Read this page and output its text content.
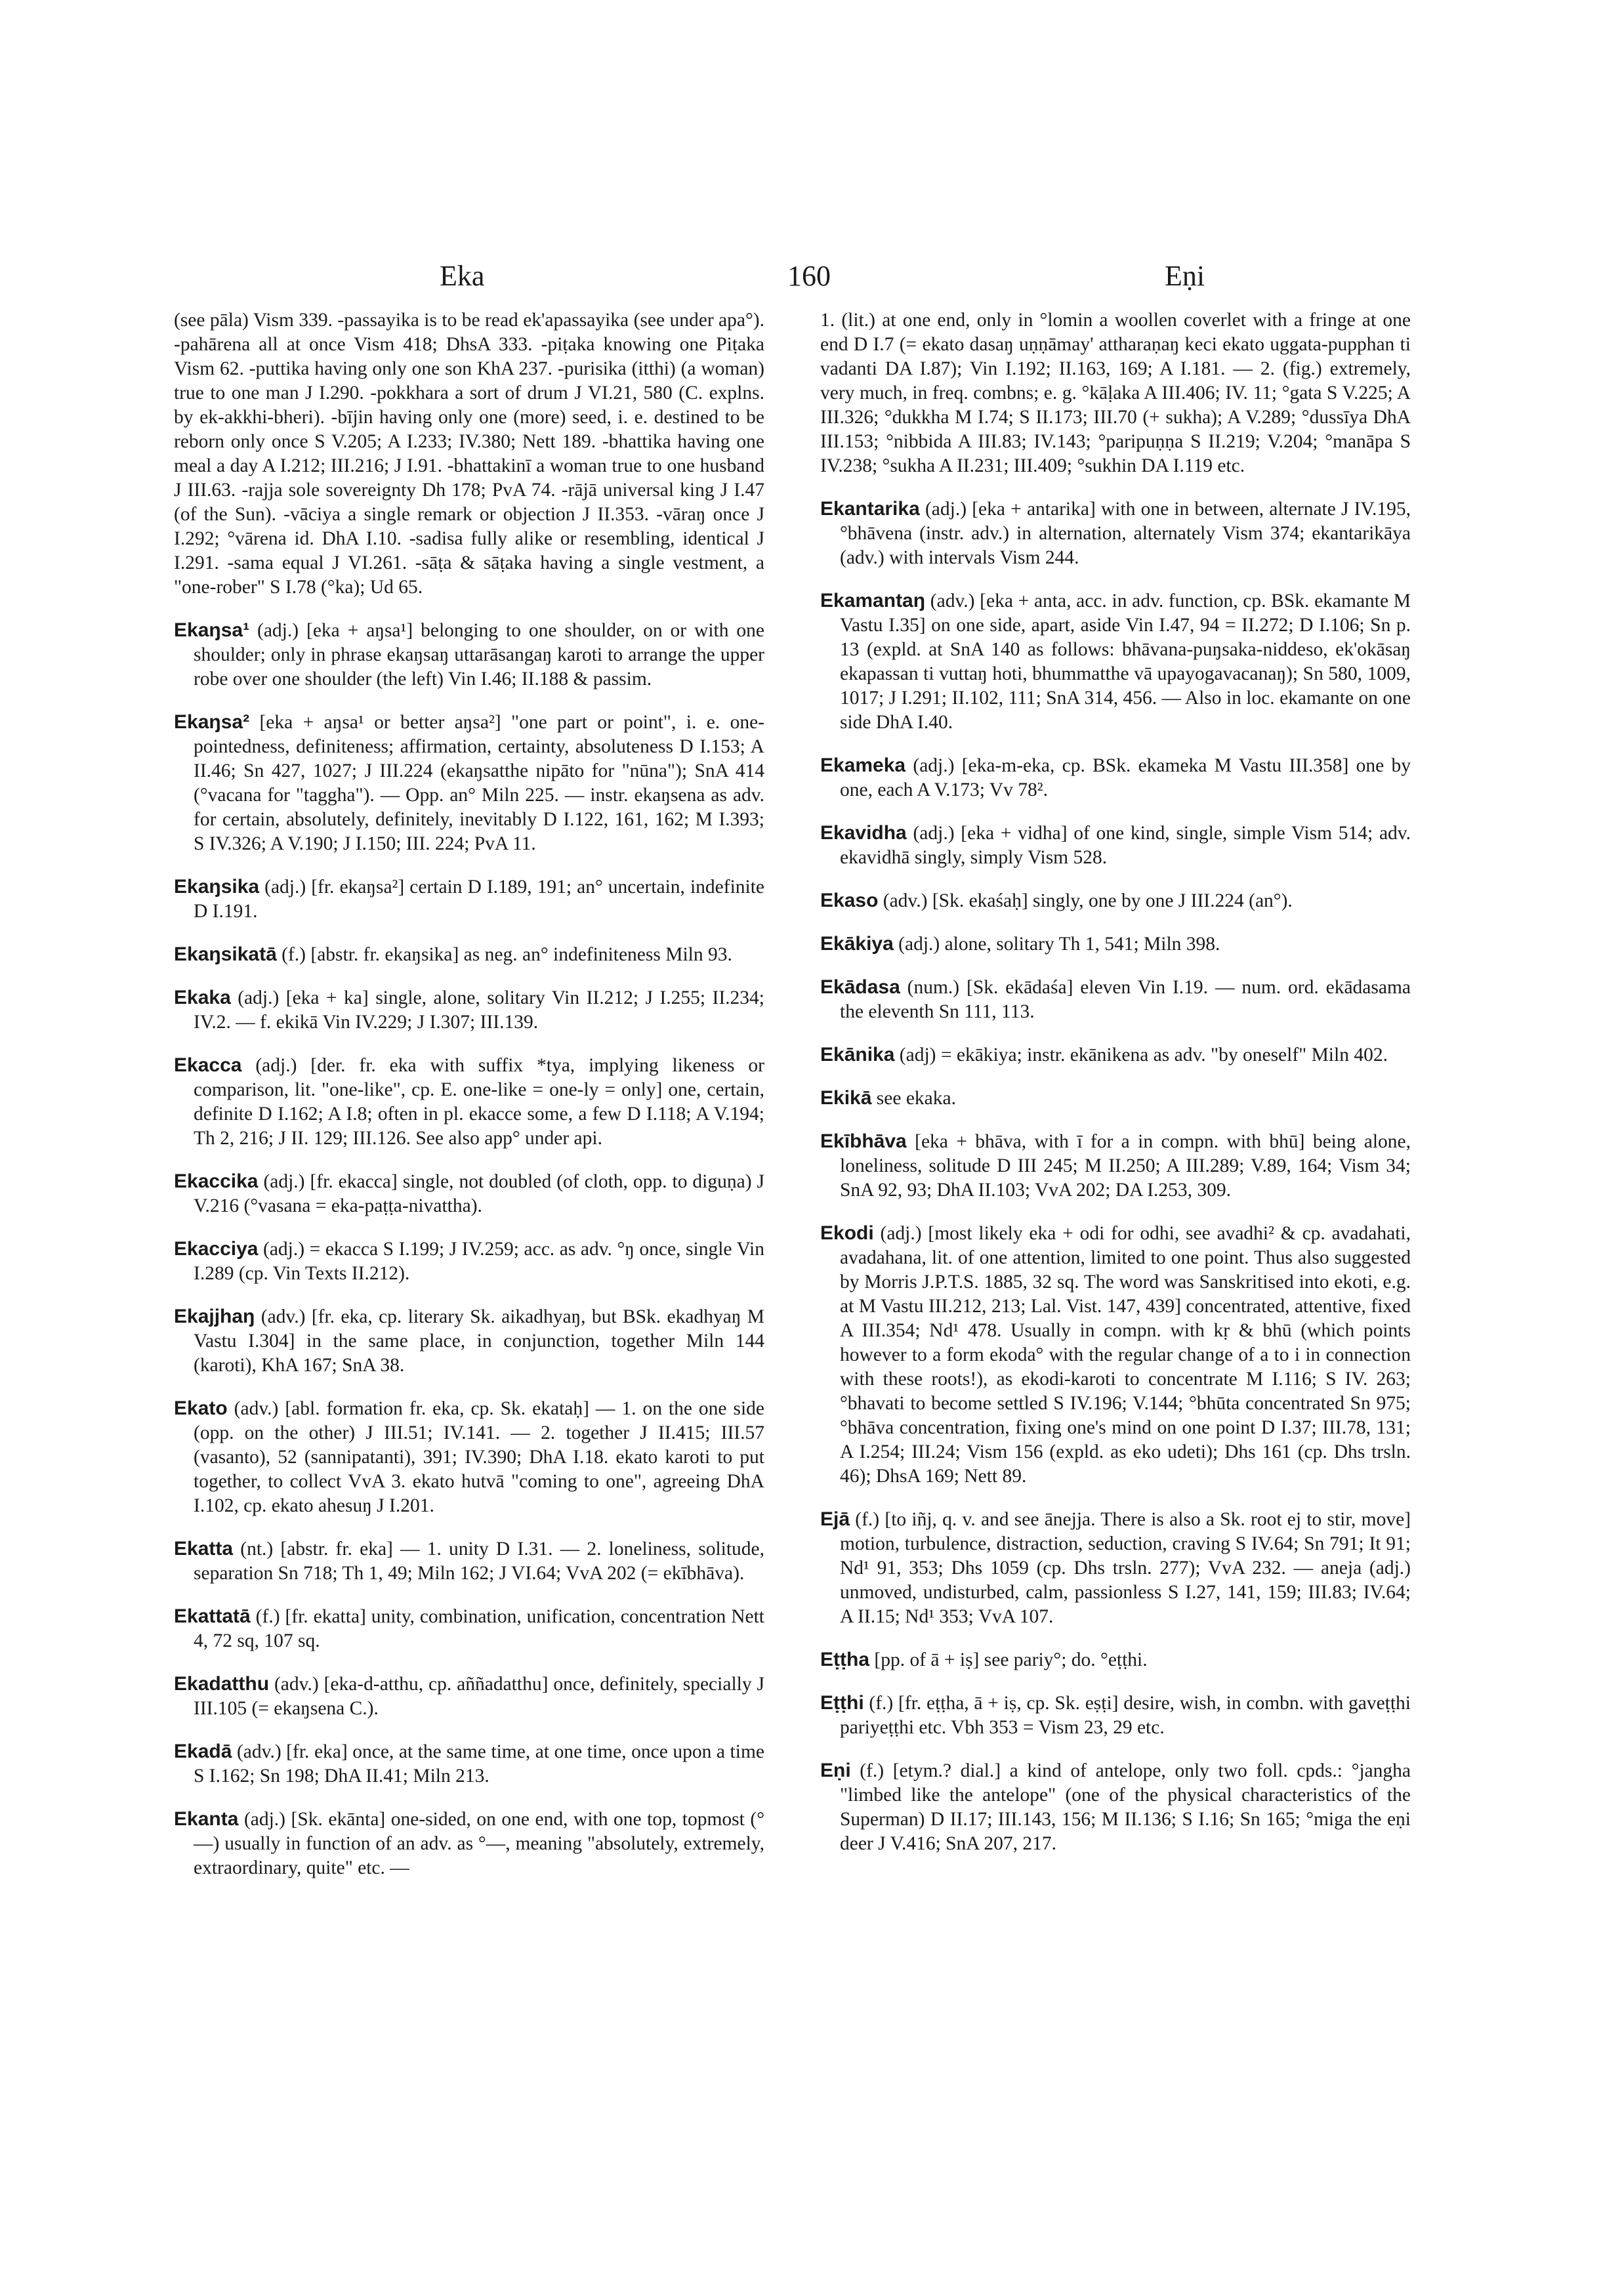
Eka	160	Eṇi

(see pāla) Vism 339. -passayika is to be read ek'apassayika (see under apa°). -pahārena all at once Vism 418; DhsA 333. -piṭaka knowing one Piṭaka Vism 62. -puttika having only one son KhA 237. -purisika (itthi) (a woman) true to one man J I.290. -pokkhara a sort of drum J VI.21, 580 (C. explns. by ek-akkhi-bheri). -bījin having only one (more) seed, i. e. destined to be reborn only once S V.205; A I.233; IV.380; Nett 189. -bhattika having one meal a day A I.212; III.216; J I.91. -bhattakinī a woman true to one husband J III.63. -rajja sole sovereignty Dh 178; PvA 74. -rājā universal king J I.47 (of the Sun). -vāciya a single remark or objection J II.353. -vāraŋ once J I.292; °vārena id. DhA I.10. -sadisa fully alike or resembling, identical J I.291. -sama equal J VI.261. -sāṭa & sāṭaka having a single vestment, a "one-rober" S I.78 (°ka); Ud 65.

Ekaŋsa¹ (adj.) [eka + aŋsa¹] belonging to one shoulder, on or with one shoulder; only in phrase ekaŋsaŋ uttarāsangaŋ karoti to arrange the upper robe over one shoulder (the left) Vin I.46; II.188 & passim.

Ekaŋsa² [eka + aŋsa¹ or better aŋsa²] "one part or point", i. e. one-pointedness, definiteness; affirmation, certainty, absoluteness D I.153; A II.46; Sn 427, 1027; J III.224 (ekaŋsatthe nipāto for "nūna"); SnA 414 (°vacana for "taggha"). — Opp. an° Miln 225. — instr. ekaŋsena as adv. for certain, absolutely, definitely, inevitably D I.122, 161, 162; M I.393; S IV.326; A V.190; J I.150; III. 224; PvA 11.

Ekaŋsika (adj.) [fr. ekaŋsa²] certain D I.189, 191; an° uncertain, indefinite D I.191.

Ekaŋsikatā (f.) [abstr. fr. ekaŋsika] as neg. an° indefiniteness Miln 93.

Ekaka (adj.) [eka + ka] single, alone, solitary Vin II.212; J I.255; II.234; IV.2. — f. ekikā Vin IV.229; J I.307; III.139.

Ekacca (adj.) [der. fr. eka with suffix *tya, implying likeness or comparison, lit. "one-like", cp. E. one-like = one-ly = only] one, certain, definite D I.162; A I.8; often in pl. ekacce some, a few D I.118; A V.194; Th 2, 216; J II. 129; III.126. See also app° under api.

Ekaccika (adj.) [fr. ekacca] single, not doubled (of cloth, opp. to diguṇa) J V.216 (°vasana = eka-paṭṭa-nivattha).

Ekacciya (adj.) = ekacca S I.199; J IV.259; acc. as adv. °ŋ once, single Vin I.289 (cp. Vin Texts II.212).

Ekajjhaŋ (adv.) [fr. eka, cp. literary Sk. aikadhyaŋ, but BSk. ekadhyaŋ M Vastu I.304] in the same place, in conjunction, together Miln 144 (karoti), KhA 167; SnA 38.

Ekato (adv.) [abl. formation fr. eka, cp. Sk. ekataḥ] — 1. on the one side (opp. on the other) J III.51; IV.141. — 2. together J II.415; III.57 (vasanto), 52 (sannipatanti), 391; IV.390; DhA I.18. ekato karoti to put together, to collect VvA 3. ekato hutvā "coming to one", agreeing DhA I.102, cp. ekato ahesuŋ J I.201.

Ekatta (nt.) [abstr. fr. eka] — 1. unity D I.31. — 2. loneliness, solitude, separation Sn 718; Th 1, 49; Miln 162; J VI.64; VvA 202 (= ekībhāva).

Ekattatā (f.) [fr. ekatta] unity, combination, unification, concentration Nett 4, 72 sq, 107 sq.

Ekadatthu (adv.) [eka-d-atthu, cp. aññadatthu] once, definitely, specially J III.105 (= ekaŋsena C.).

Ekadā (adv.) [fr. eka] once, at the same time, at one time, once upon a time S I.162; Sn 198; DhA II.41; Miln 213.

Ekanta (adj.) [Sk. ekānta] one-sided, on one end, with one top, topmost (°—) usually in function of an adv. as °—, meaning "absolutely, extremely, extraordinary, quite" etc. —

1. (lit.) at one end, only in °lomin a woollen coverlet with a fringe at one end D I.7 (= ekato dasaŋ uṇṇāmay' attharaṇaŋ keci ekato uggata-pupphan ti vadanti DA I.87); Vin I.192; II.163, 169; A I.181. — 2. (fig.) extremely, very much, in freq. combns; e. g. °kāḷaka A III.406; IV. 11; °gata S V.225; A III.326; °dukkha M I.74; S II.173; III.70 (+ sukha); A V.289; °dussīya DhA III.153; °nibbida A III.83; IV.143; °paripuṇṇa S II.219; V.204; °manāpa S IV.238; °sukha A II.231; III.409; °sukhin DA I.119 etc.

Ekantarika (adj.) [eka + antarika] with one in between, alternate J IV.195, °bhāvena (instr. adv.) in alternation, alternately Vism 374; ekantarikāya (adv.) with intervals Vism 244.

Ekamantaŋ (adv.) [eka + anta, acc. in adv. function, cp. BSk. ekamante M Vastu I.35] on one side, apart, aside Vin I.47, 94 = II.272; D I.106; Sn p. 13 (expld. at SnA 140 as follows: bhāvana-puŋsaka-niddeso, ek'okāsaŋ ekapassan ti vuttaŋ hoti, bhummatthe vā upayogavacanaŋ); Sn 580, 1009, 1017; J I.291; II.102, 111; SnA 314, 456. — Also in loc. ekamante on one side DhA I.40.

Ekameka (adj.) [eka-m-eka, cp. BSk. ekameka M Vastu III.358] one by one, each A V.173; Vv 78².

Ekavidha (adj.) [eka + vidha] of one kind, single, simple Vism 514; adv. ekavidhā singly, simply Vism 528.

Ekaso (adv.) [Sk. ekaśaḥ] singly, one by one J III.224 (an°).

Ekākiya (adj.) alone, solitary Th 1, 541; Miln 398.

Ekādasa (num.) [Sk. ekādaśa] eleven Vin I.19. — num. ord. ekādasama the eleventh Sn 111, 113.

Ekānika (adj) = ekākiya; instr. ekānikena as adv. "by oneself" Miln 402.

Ekikā see ekaka.

Ekībhāva [eka + bhāva, with ī for a in compn. with bhū] being alone, loneliness, solitude D III 245; M II.250; A III.289; V.89, 164; Vism 34; SnA 92, 93; DhA II.103; VvA 202; DA I.253, 309.

Ekodi (adj.) [most likely eka + odi for odhi, see avadhi² & cp. avadahati, avadahana, lit. of one attention, limited to one point. Thus also suggested by Morris J.P.T.S. 1885, 32 sq. The word was Sanskritised into ekoti, e.g. at M Vastu III.212, 213; Lal. Vist. 147, 439] concentrated, attentive, fixed A III.354; Nd¹ 478. Usually in compn. with kṛ & bhū (which points however to a form ekoda° with the regular change of a to i in connection with these roots!), as ekodi-karoti to concentrate M I.116; S IV. 263; °bhavati to become settled S IV.196; V.144; °bhūta concentrated Sn 975; °bhāva concentration, fixing one's mind on one point D I.37; III.78, 131; A I.254; III.24; Vism 156 (expld. as eko udeti); Dhs 161 (cp. Dhs trsln. 46); DhsA 169; Nett 89.

Ejā (f.) [to iñj, q. v. and see ānejja. There is also a Sk. root ej to stir, move] motion, turbulence, distraction, seduction, craving S IV.64; Sn 791; It 91; Nd¹ 91, 353; Dhs 1059 (cp. Dhs trsln. 277); VvA 232. — aneja (adj.) unmoved, undisturbed, calm, passionless S I.27, 141, 159; III.83; IV.64; A II.15; Nd¹ 353; VvA 107.

Eṭṭha [pp. of ā + iṣ] see pariy°; do. °eṭṭhi.

Eṭṭhi (f.) [fr. eṭṭha, ā + iṣ, cp. Sk. eṣṭi] desire, wish, in combn. with gaveṭṭhi pariyeṭṭhi etc. Vbh 353 = Vism 23, 29 etc.

Eṇi (f.) [etym.? dial.] a kind of antelope, only two foll. cpds.: °jangha "limbed like the antelope" (one of the physical characteristics of the Superman) D II.17; III.143, 156; M II.136; S I.16; Sn 165; °miga the eṇi deer J V.416; SnA 207, 217.
